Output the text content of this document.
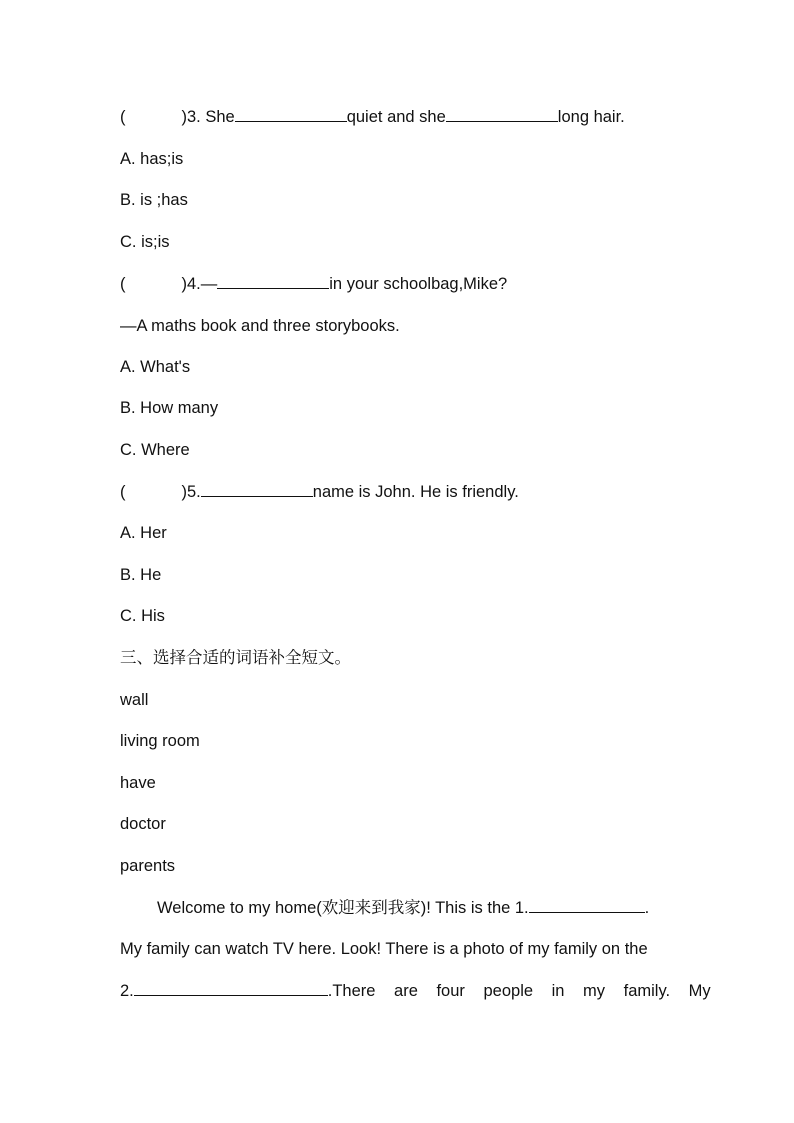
(	)3. She	quiet and she	long hair.
A. has;is
B. is ;has
C. is;is
(	)4.—	in your schoolbag,Mike?
—A maths book and three storybooks.
A. What's
B. How many
C. Where
(	)5.	name is John. He is friendly.
A. Her
B. He
C. His
三、选择合适的词语补全短文。
wall
living room
have
doctor
parents
Welcome to my home(欢迎来到我家)! This is the 1.	.
My family can watch TV here. Look! There is a photo of my family on the
2.	.There are four people in my family. My
